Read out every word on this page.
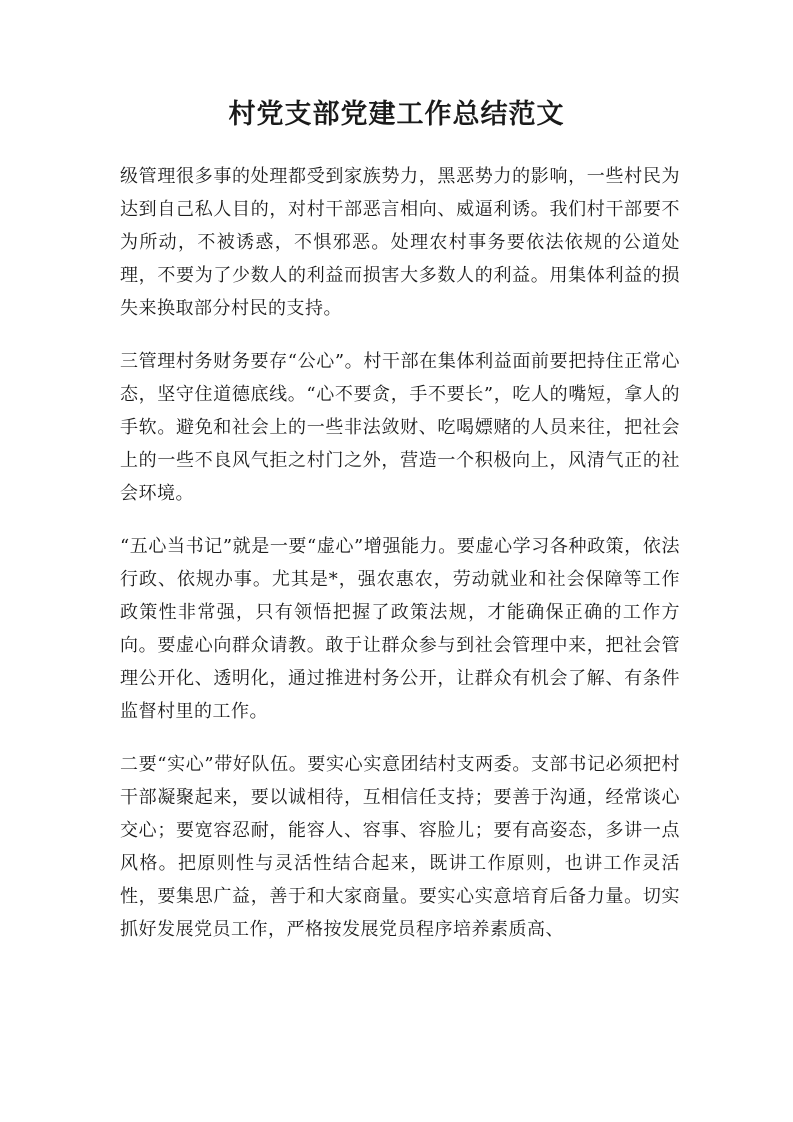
村党支部党建工作总结范文

级管理很多事的处理都受到家族势力，黑恶势力的影响，一些村民为达到自己私人目的，对村干部恶言相向、威逼利诱。我们村干部要不为所动，不被诱惑，不惧邪恶。处理农村事务要依法依规的公道处理，不要为了少数人的利益而损害大多数人的利益。用集体利益的损失来换取部分村民的支持。

三管理村务财务要存“公心”。村干部在集体利益面前要把持住正常心态，坚守住道德底线。“心不要贪，手不要长”，吃人的嘴短，拿人的手软。避免和社会上的一些非法敛财、吃喝嫖赌的人员来往，把社会上的一些不良风气拒之村门之外，营造一个积极向上，风清气正的社会环境。

“五心当书记”就是一要“虚心”增强能力。要虚心学习各种政策，依法行政、依规办事。尤其是*，强农惠农，劳动就业和社会保障等工作政策性非常强，只有领悟把握了政策法规，才能确保正确的工作方向。要虚心向群众请教。敢于让群众参与到社会管理中来，把社会管理公开化、透明化，通过推进村务公开，让群众有机会了解、有条件监督村里的工作。

二要“实心”带好队伍。要实心实意团结村支两委。支部书记必须把村干部凝聚起来，要以诚相待，互相信任支持；要善于沟通，经常谈心交心；要宽容忍耐，能容人、容事、容脸儿；要有高姿态，多讲一点风格。把原则性与灵活性结合起来，既讲工作原则，也讲工作灵活性，要集思广益，善于和大家商量。要实心实意培育后备力量。切实抓好发展党员工作，严格按发展党员程序培养素质高、
